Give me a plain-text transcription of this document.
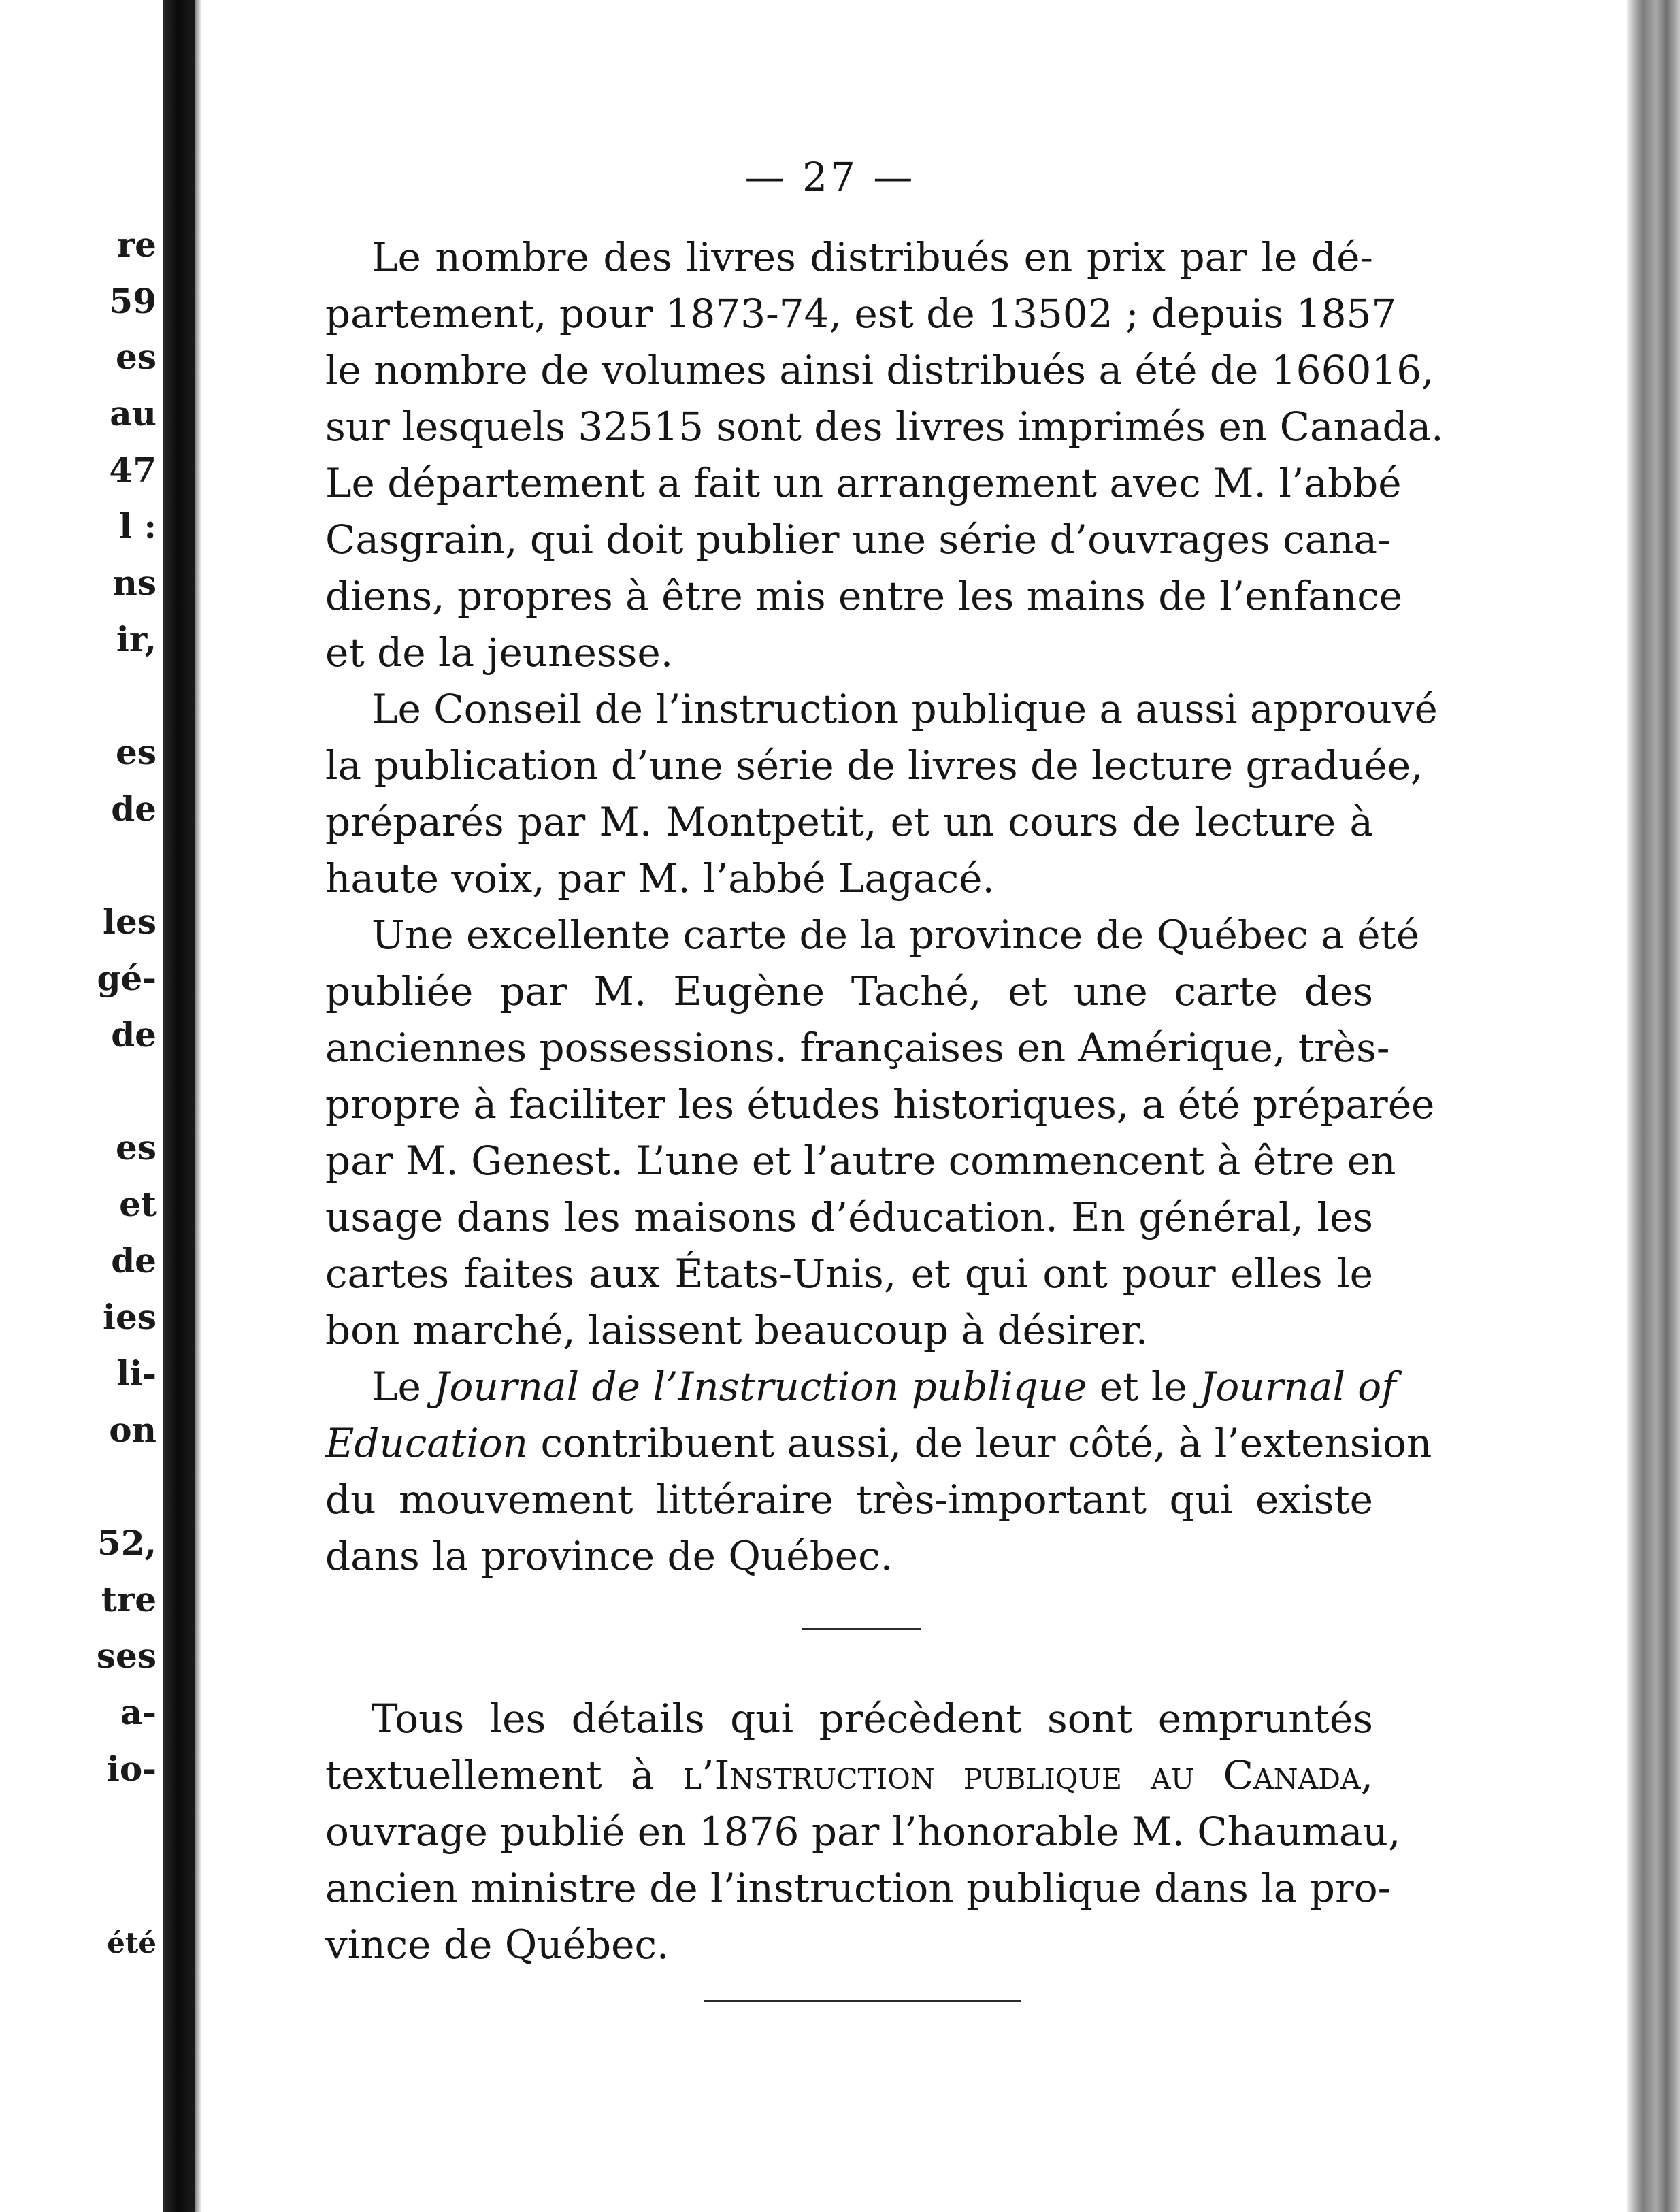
re
59
es
au
47
l :
ns
ir,
es
de
les
gé-
de
es
et
de
ies
li-
on
52,
tre
ses
a-
io-
été
— 27 —
Le nombre des livres distribués en prix par le dé-
partement, pour 1873-74, est de 13502 ; depuis 1857
le nombre de volumes ainsi distribués a été de 166016,
sur lesquels 32515 sont des livres imprimés en Canada.
Le département a fait un arrangement avec M. l’abbé
Casgrain, qui doit publier une série d’ouvrages cana-
diens, propres à être mis entre les mains de l’enfance
et de la jeunesse.
Le Conseil de l’instruction publique a aussi approuvé
la publication d’une série de livres de lecture graduée,
préparés par M. Montpetit, et un cours de lecture à
haute voix, par M. l’abbé Lagacé.
Une excellente carte de la province de Québec a été
publiée par M. Eugène Taché, et une carte des
anciennes possessions. françaises en Amérique, très-
propre à faciliter les études historiques, a été préparée
par M. Genest. L’une et l’autre commencent à être en
usage dans les maisons d’éducation. En général, les
cartes faites aux États-Unis, et qui ont pour elles le
bon marché, laissent beaucoup à désirer.
Le Journal de l’Instruction publique et le Journal of
Education contribuent aussi, de leur côté, à l’extension
du mouvement littéraire très-important qui existe
dans la province de Québec.
Tous les détails qui précèdent sont empruntés
textuellement à l’Instruction publique au Canada,
ouvrage publié en 1876 par l’honorable M. Chaumau,
ancien ministre de l’instruction publique dans la pro-
vince de Québec.
